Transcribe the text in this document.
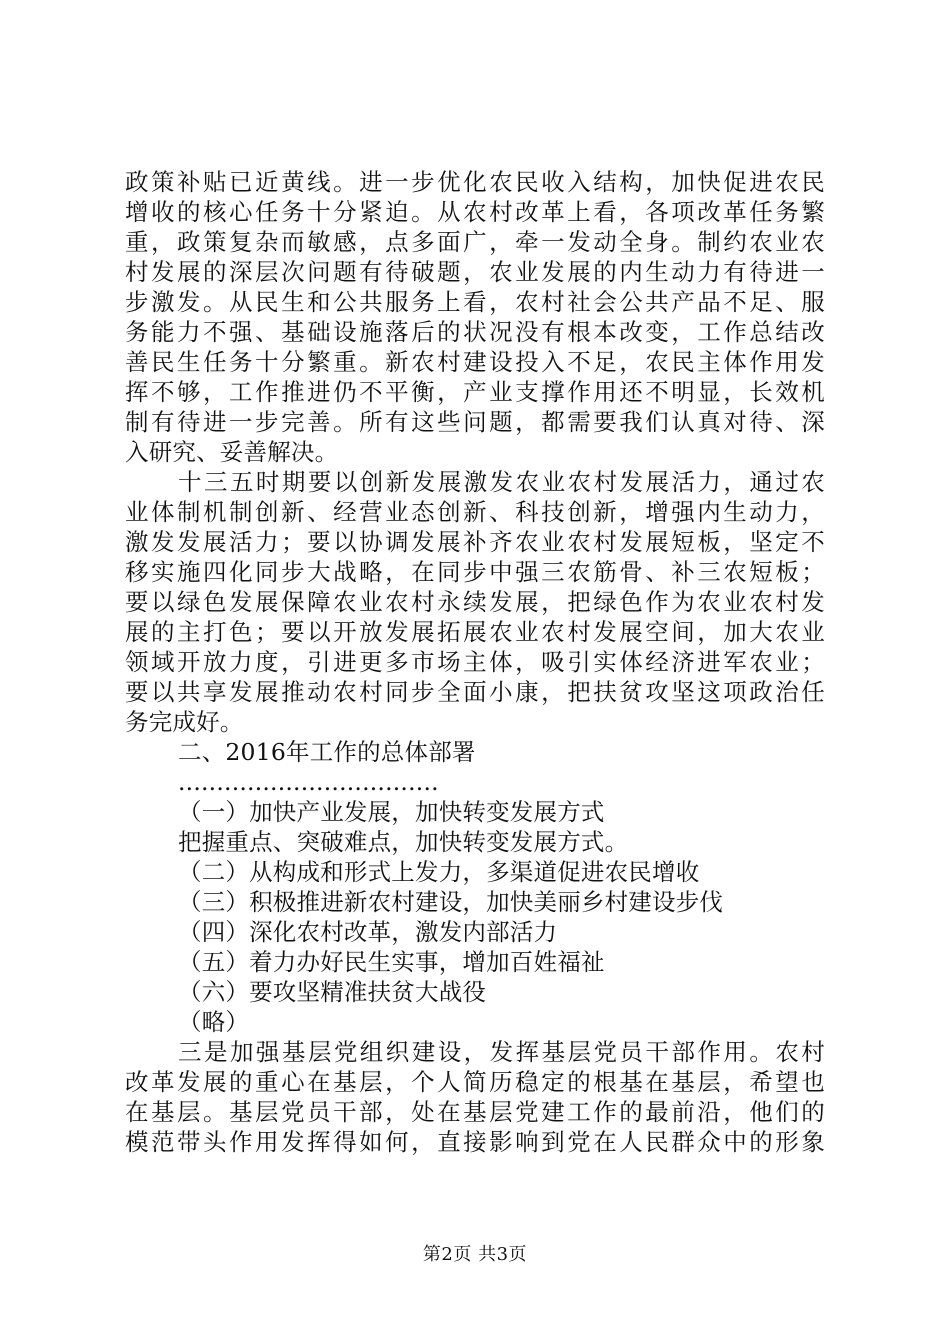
政策补贴已近黄线。进一步优化农民收入结构，加快促进农民

增收的核心任务十分紧迫。从农村改革上看，各项改革任务繁

重，政策复杂而敏感，点多面广，牵一发动全身。制约农业农

村发展的深层次问题有待破题，农业发展的内生动力有待进一

步激发。从民生和公共服务上看，农村社会公共产品不足、服

务能力不强、基础设施落后的状况没有根本改变，工作总结改

善民生任务十分繁重。新农村建设投入不足，农民主体作用发

挥不够，工作推进仍不平衡，产业支撑作用还不明显，长效机

制有待进一步完善。所有这些问题，都需要我们认真对待、深

入研究、妥善解决。

十三五时期要以创新发展激发农业农村发展活力，通过农

业体制机制创新、经营业态创新、科技创新，增强内生动力，

激发发展活力；要以协调发展补齐农业农村发展短板，坚定不

移实施四化同步大战略，在同步中强三农筋骨、补三农短板；

要以绿色发展保障农业农村永续发展，把绿色作为农业农村发

展的主打色；要以开放发展拓展农业农村发展空间，加大农业

领域开放力度，引进更多市场主体，吸引实体经济进军农业；

要以共享发展推动农村同步全面小康，把扶贫攻坚这项政治任

务完成好。

二、2016年工作的总体部署

..................................

（一）加快产业发展，加快转变发展方式

把握重点、突破难点，加快转变发展方式。

（二）从构成和形式上发力，多渠道促进农民增收

（三）积极推进新农村建设，加快美丽乡村建设步伐

（四）深化农村改革，激发内部活力

（五）着力办好民生实事，增加百姓福祉

（六）要攻坚精准扶贫大战役

（略）

三是加强基层党组织建设，发挥基层党员干部作用。农村

改革发展的重心在基层，个人简历稳定的根基在基层，希望也

在基层。基层党员干部，处在基层党建工作的最前沿，他们的

模范带头作用发挥得如何，直接影响到党在人民群众中的形象

第2页 共3页
